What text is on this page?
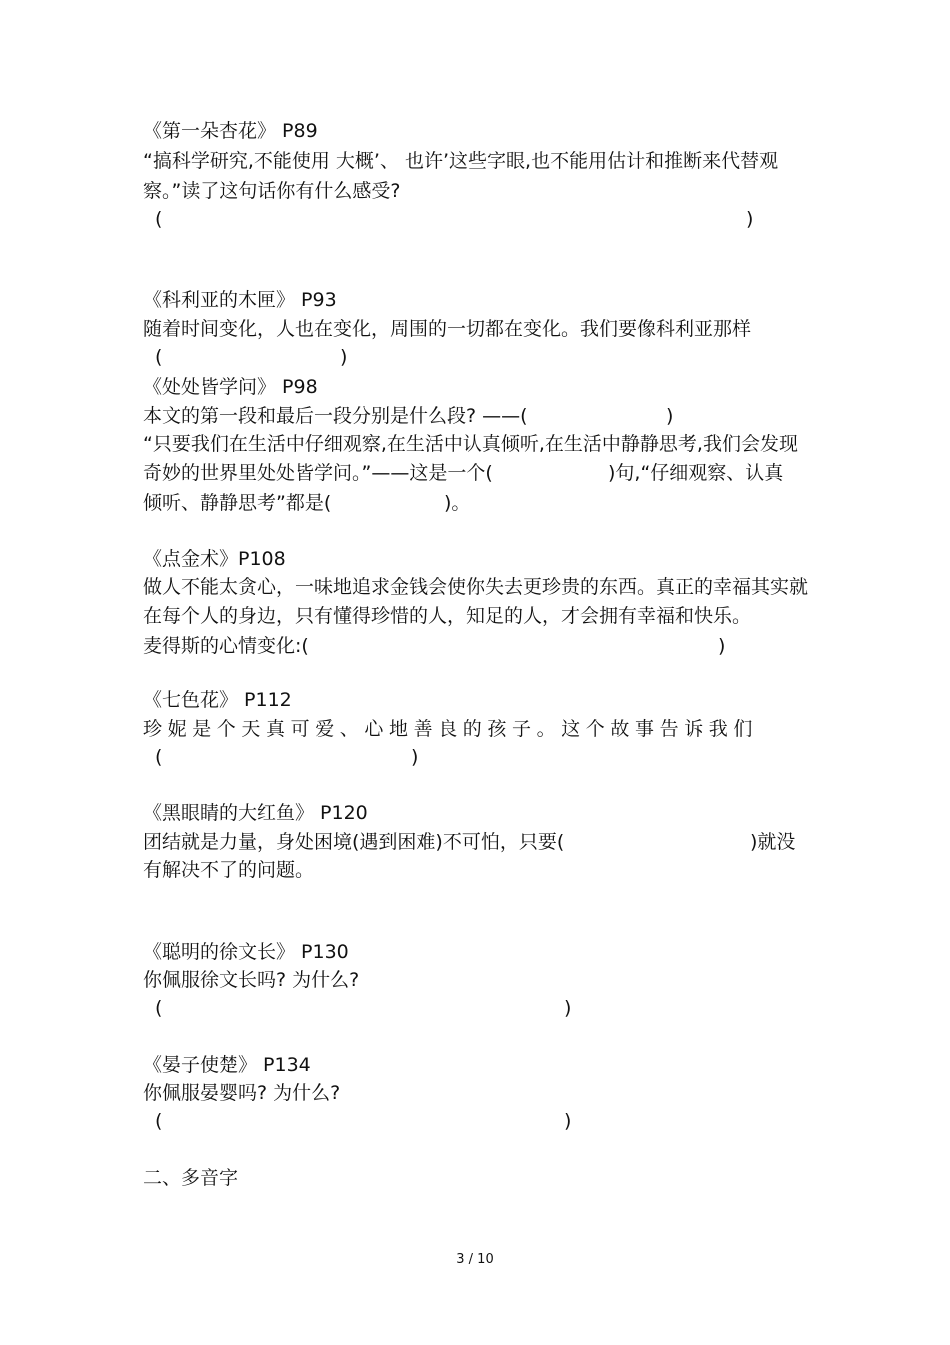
《第一朵杏花》 P89
“搞科学研究,不能使用 大概’、 也许’这些字眼,也不能用估计和推断来代替观
察。”读了这句话你有什么感受?
(	)
《科利亚的木匣》 P93
随着时间变化，人也在变化，周围的一切都在变化。我们要像科利亚那样
(	)
《处处皆学问》 P98
本文的第一段和最后一段分别是什么段? ——(	)
“只要我们在生活中仔细观察,在生活中认真倾听,在生活中静静思考,我们会发现
奇妙的世界里处处皆学问。”——这是一个(	)句,“仔细观察、认真
倾听、静静思考”都是(	)。
《点金术》P108
做人不能太贪心，一味地追求金钱会使你失去更珍贵的东西。真正的幸福其实就
在每个人的身边，只有懂得珍惜的人，知足的人，才会拥有幸福和快乐。
麦得斯的心情变化:(	)
《七色花》 P112
珍妮是个天真可爱、心地善良的孩子。这个故事告诉我们
(	)
《黑眼睛的大红鱼》 P120
团结就是力量，身处困境(遇到困难)不可怕，只要(	)就没
有解决不了的问题。
《聪明的徐文长》 P130
你佩服徐文长吗? 为什么?
(	)
《晏子使楚》 P134
你佩服晏婴吗? 为什么?
(	)
二、多音字
3 / 10
